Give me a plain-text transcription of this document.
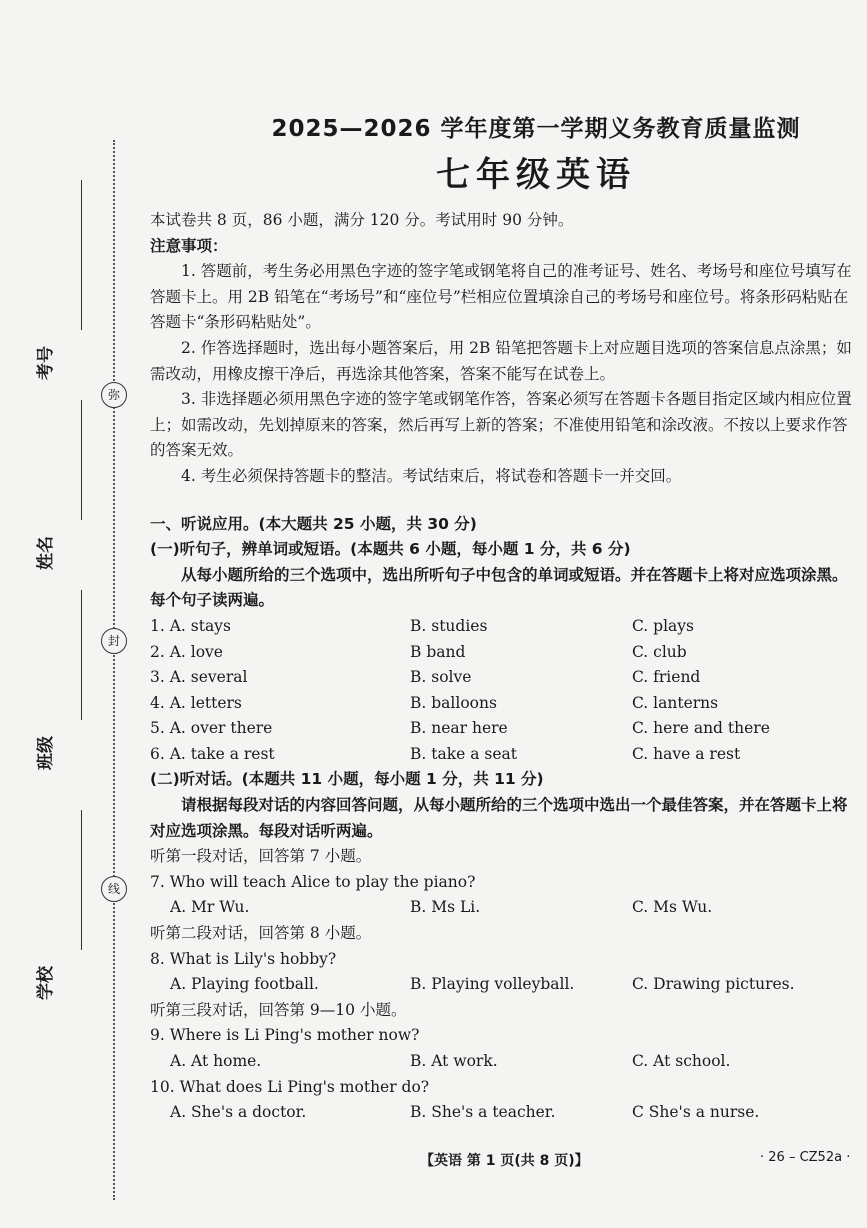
考号
姓名
班级
学校
弥
封
线
2025—2026 学年度第一学期义务教育质量监测
七年级英语

本试卷共 8 页，86 小题，满分 120 分。考试用时 90 分钟。

注意事项：

1. 答题前，考生务必用黑色字迹的签字笔或钢笔将自己的准考证号、姓名、考场号和座位号填写在答题卡上。用 2B 铅笔在“考场号”和“座位号”栏相应位置填涂自己的考场号和座位号。将条形码粘贴在答题卡“条形码粘贴处”。

2. 作答选择题时，选出每小题答案后，用 2B 铅笔把答题卡上对应题目选项的答案信息点涂黑；如需改动，用橡皮擦干净后，再选涂其他答案，答案不能写在试卷上。

3. 非选择题必须用黑色字迹的签字笔或钢笔作答，答案必须写在答题卡各题目指定区域内相应位置上；如需改动，先划掉原来的答案，然后再写上新的答案；不准使用铅笔和涂改液。不按以上要求作答的答案无效。

4. 考生必须保持答题卡的整洁。考试结束后，将试卷和答题卡一并交回。

一、听说应用。(本大题共 25 小题，共 30 分)
(一)听句子，辨单词或短语。(本题共 6 小题，每小题 1 分，共 6 分)

从每小题所给的三个选项中，选出所听句子中包含的单词或短语。并在答题卡上将对应选项涂黑。每个句子读两遍。

1. A. stays	B. studies	C. plays
2. A. love	B band	C. club
3. A. several	B. solve	C. friend
4. A. letters	B. balloons	C. lanterns
5. A. over there	B. near here	C. here and there
6. A. take a rest	B. take a seat	C. have a rest
(二)听对话。(本题共 11 小题，每小题 1 分，共 11 分)

请根据每段对话的内容回答问题，从每小题所给的三个选项中选出一个最佳答案，并在答题卡上将对应选项涂黑。每段对话听两遍。

听第一段对话，回答第 7 小题。

7. Who will teach Alice to play the piano?

A. Mr Wu.	B. Ms Li.	C. Ms Wu.

听第二段对话，回答第 8 小题。

8. What is Lily's hobby?

A. Playing football.	B. Playing volleyball.	C. Drawing pictures.

听第三段对话，回答第 9—10 小题。

9. Where is Li Ping's mother now?

A. At home.	B. At work.	C. At school.

10. What does Li Ping's mother do?

A. She's a doctor.	B. She's a teacher.	C She's a nurse.
【英语 第 1 页(共 8 页)】	· 26 – CZ52a ·
